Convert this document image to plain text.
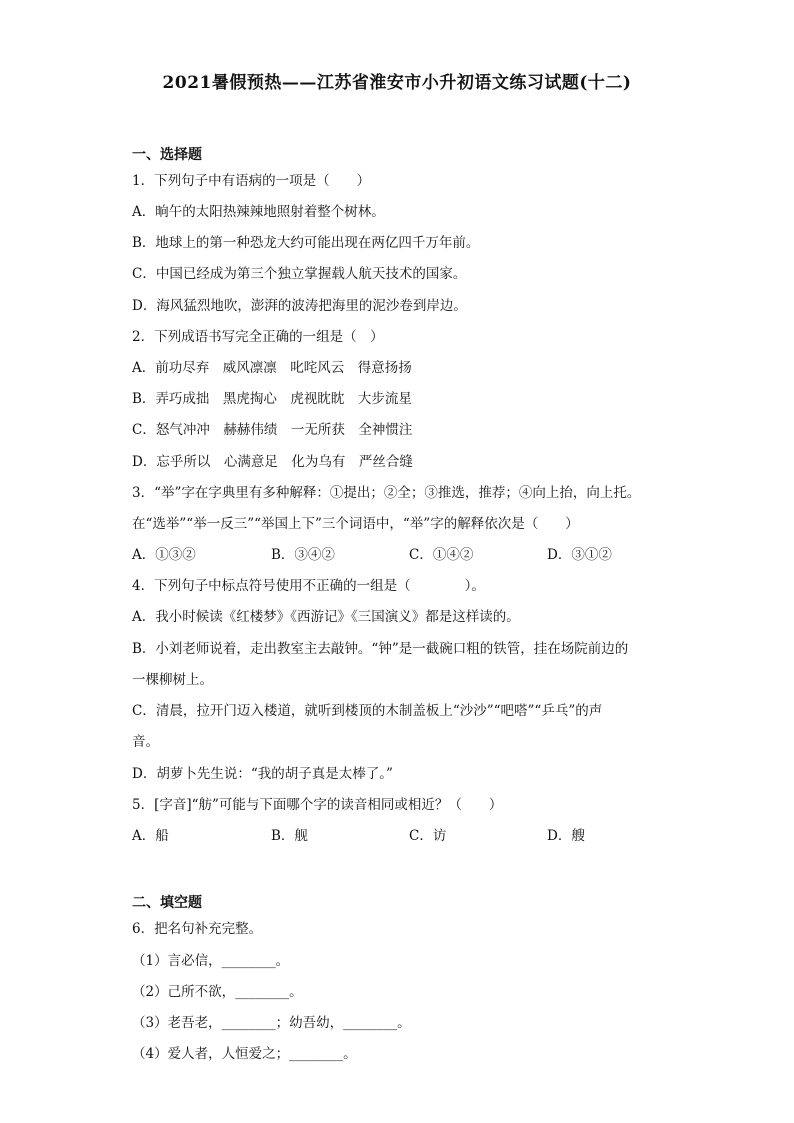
2021暑假预热——江苏省淮安市小升初语文练习试题(十二)
一、选择题
1．下列句子中有语病的一项是（　　）
A．晌午的太阳热辣辣地照射着整个树林。
B．地球上的第一种恐龙大约可能出现在两亿四千万年前。
C．中国已经成为第三个独立掌握载人航天技术的国家。
D．海风猛烈地吹，澎湃的波涛把海里的泥沙卷到岸边。
2．下列成语书写完全正确的一组是（　）
A．前功尽弃　威风凛凛　叱咤风云　得意扬扬
B．弄巧成拙　黑虎掏心　虎视眈眈　大步流星
C．怒气冲冲　赫赫伟绩　一无所获　全神惯注
D．忘乎所以　心满意足　化为乌有　严丝合缝
3．“举”字在字典里有多种解释：①提出；②全；③推选，推荐；④向上抬，向上托。
在“选举”“举一反三”“举国上下”三个词语中，“举”字的解释依次是（　　）
A．①③②	B．③④②	C．①④②	D．③①②
4．下列句子中标点符号使用不正确的一组是（　　　　）。
A．我小时候读《红楼梦》《西游记》《三国演义》都是这样读的。
B．小刘老师说着，走出教室主去敲钟。“钟”是一截碗口粗的铁管，挂在场院前边的
一棵柳树上。
C．清晨，拉开门迈入楼道，就听到楼顶的木制盖板上“沙沙”“吧嗒”“乒乓”的声
音。
D．胡萝卜先生说：“我的胡子真是太棒了。”
5．[字音]“舫”可能与下面哪个字的读音相同或相近？（　　）
A．船	B．舰	C．访	D．艘
二、填空题
6．把名句补充完整。
（1）言必信，________。
（2）己所不欲，________。
（3）老吾老，________；幼吾幼，________。
（4）爱人者，人恒爱之；________。
